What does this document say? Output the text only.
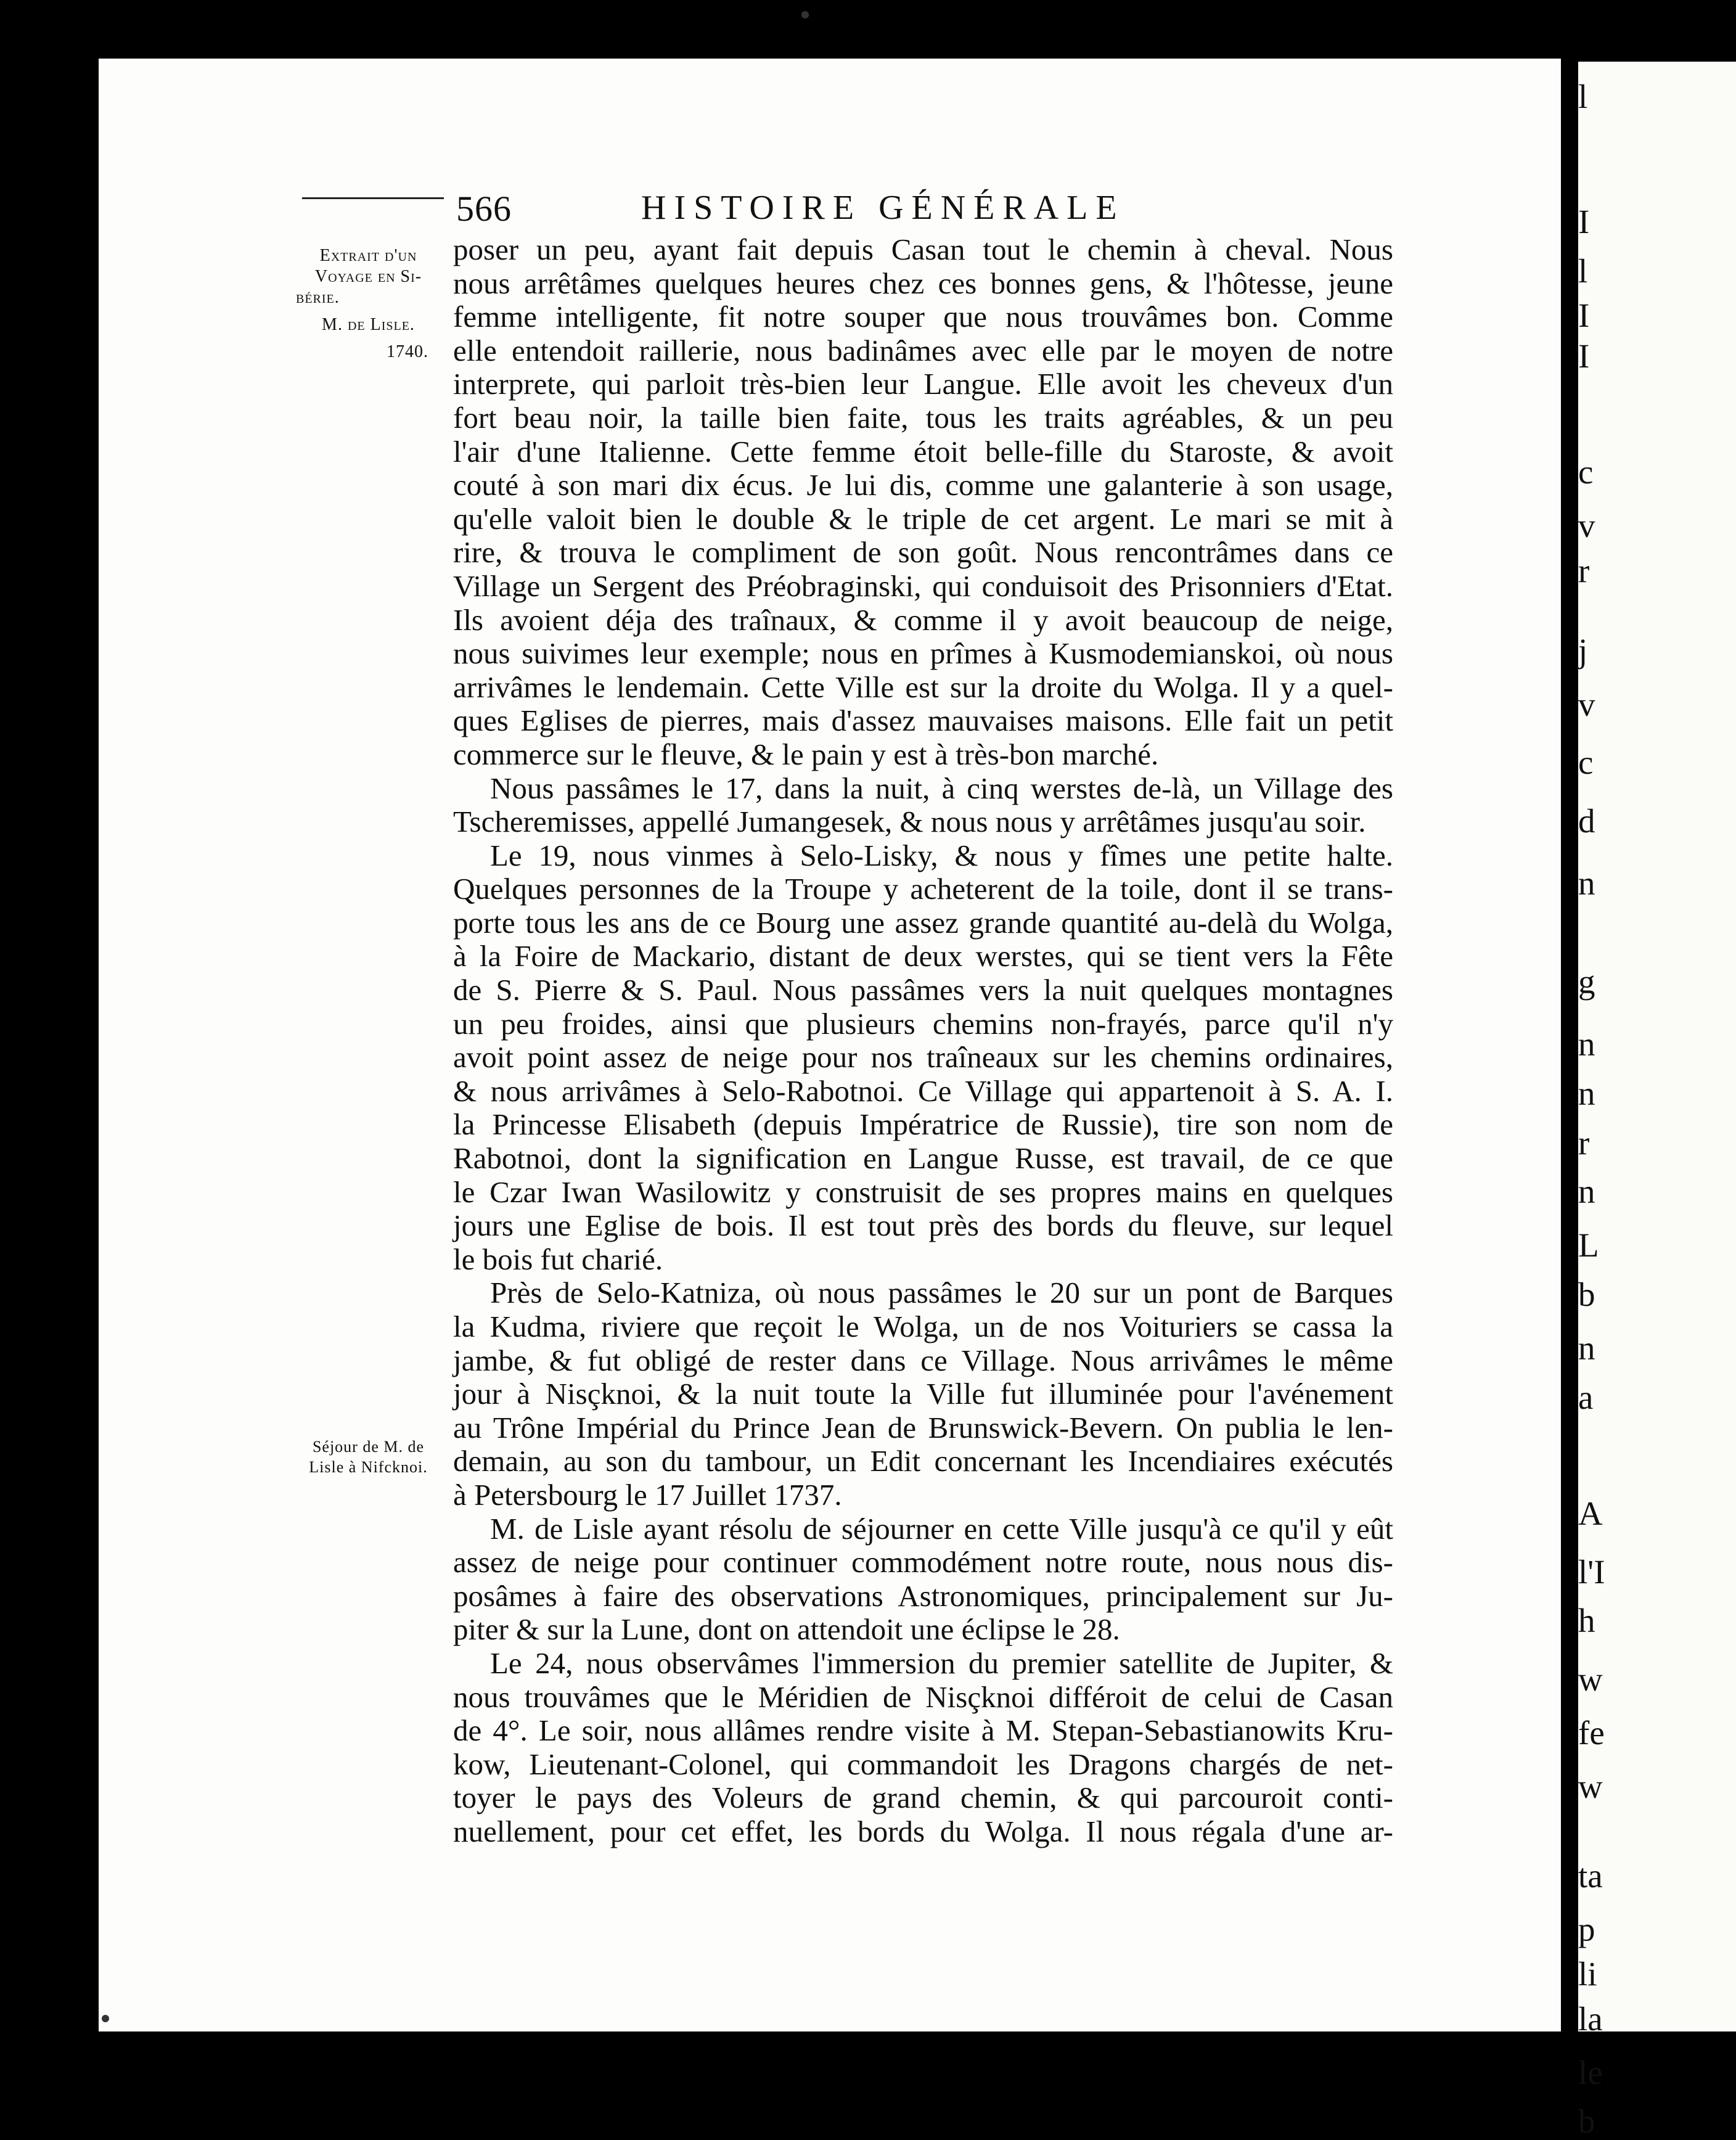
l
I
l
I
I
c
v
r
j
v
c
d
n
g
n
n
r
n
L
b
n
a
A
l'I
h
w
fe
w
ta
p
li
la
le
b
566	HISTOIRE GÉNÉRALE
Extrait d'un
Voyage en Si-
bérie.
M. de Lisle.
1740.
Séjour de M. de
Lisle à Nifcknoi.
poser un peu, ayant fait depuis Casan tout le chemin à cheval. Nous
nous arrêtâmes quelques heures chez ces bonnes gens, & l'hôtesse, jeune
femme intelligente, fit notre souper que nous trouvâmes bon. Comme
elle entendoit raillerie, nous badinâmes avec elle par le moyen de notre
interprete, qui parloit très-bien leur Langue. Elle avoit les cheveux d'un
fort beau noir, la taille bien faite, tous les traits agréables, & un peu
l'air d'une Italienne. Cette femme étoit belle-fille du Staroste, & avoit
couté à son mari dix écus. Je lui dis, comme une galanterie à son usage,
qu'elle valoit bien le double & le triple de cet argent. Le mari se mit à
rire, & trouva le compliment de son goût. Nous rencontrâmes dans ce
Village un Sergent des Préobraginski, qui conduisoit des Prisonniers d'Etat.
Ils avoient déja des traînaux, & comme il y avoit beaucoup de neige,
nous suivimes leur exemple; nous en prîmes à Kusmodemianskoi, où nous
arrivâmes le lendemain. Cette Ville est sur la droite du Wolga. Il y a quel-
ques Eglises de pierres, mais d'assez mauvaises maisons. Elle fait un petit
commerce sur le fleuve, & le pain y est à très-bon marché.
Nous passâmes le 17, dans la nuit, à cinq werstes de-là, un Village des
Tscheremisses, appellé Jumangesek, & nous nous y arrêtâmes jusqu'au soir.
Le 19, nous vinmes à Selo-Lisky, & nous y fîmes une petite halte.
Quelques personnes de la Troupe y acheterent de la toile, dont il se trans-
porte tous les ans de ce Bourg une assez grande quantité au-delà du Wolga,
à la Foire de Mackario, distant de deux werstes, qui se tient vers la Fête
de S. Pierre & S. Paul. Nous passâmes vers la nuit quelques montagnes
un peu froides, ainsi que plusieurs chemins non-frayés, parce qu'il n'y
avoit point assez de neige pour nos traîneaux sur les chemins ordinaires,
& nous arrivâmes à Selo-Rabotnoi. Ce Village qui appartenoit à S. A. I.
la Princesse Elisabeth (depuis Impératrice de Russie), tire son nom de
Rabotnoi, dont la signification en Langue Russe, est travail, de ce que
le Czar Iwan Wasilowitz y construisit de ses propres mains en quelques
jours une Eglise de bois. Il est tout près des bords du fleuve, sur lequel
le bois fut charié.
Près de Selo-Katniza, où nous passâmes le 20 sur un pont de Barques
la Kudma, riviere que reçoit le Wolga, un de nos Voituriers se cassa la
jambe, & fut obligé de rester dans ce Village. Nous arrivâmes le même
jour à Nisçknoi, & la nuit toute la Ville fut illuminée pour l'avénement
au Trône Impérial du Prince Jean de Brunswick-Bevern. On publia le len-
demain, au son du tambour, un Edit concernant les Incendiaires exécutés
à Petersbourg le 17 Juillet 1737.
M. de Lisle ayant résolu de séjourner en cette Ville jusqu'à ce qu'il y eût
assez de neige pour continuer commodément notre route, nous nous dis-
posâmes à faire des observations Astronomiques, principalement sur Ju-
piter & sur la Lune, dont on attendoit une éclipse le 28.
Le 24, nous observâmes l'immersion du premier satellite de Jupiter, &
nous trouvâmes que le Méridien de Nisçknoi différoit de celui de Casan
de 4°. Le soir, nous allâmes rendre visite à M. Stepan-Sebastianowits Kru-
kow, Lieutenant-Colonel, qui commandoit les Dragons chargés de net-
toyer le pays des Voleurs de grand chemin, & qui parcouroit conti-
nuellement, pour cet effet, les bords du Wolga. Il nous régala d'une ar-
